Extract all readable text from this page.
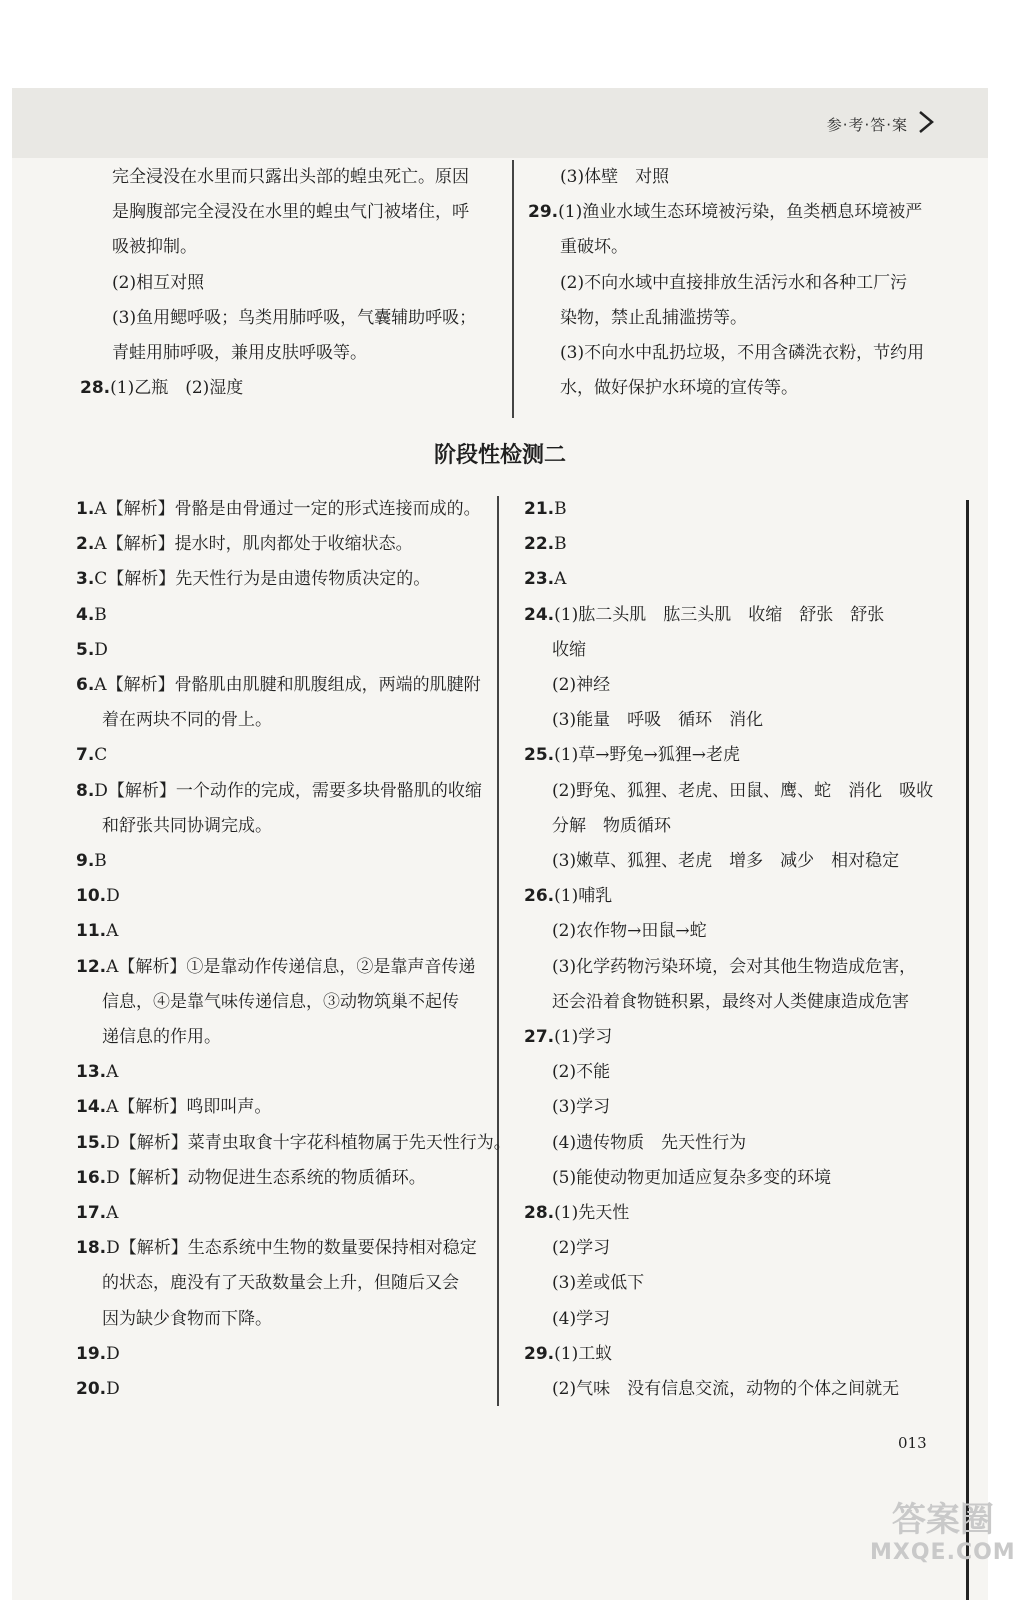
参·考·答·案
完全浸没在水里而只露出头部的蝗虫死亡。原因
是胸腹部完全浸没在水里的蝗虫气门被堵住，呼
吸被抑制。
(2)相互对照
(3)鱼用鳃呼吸；鸟类用肺呼吸，气囊辅助呼吸；
青蛙用肺呼吸，兼用皮肤呼吸等。
28.(1)乙瓶　(2)湿度
(3)体壁　对照
29.(1)渔业水域生态环境被污染，鱼类栖息环境被严
重破坏。
(2)不向水域中直接排放生活污水和各种工厂污
染物，禁止乱捕滥捞等。
(3)不向水中乱扔垃圾，不用含磷洗衣粉，节约用
水，做好保护水环境的宣传等。
阶段性检测二
1.A【解析】骨骼是由骨通过一定的形式连接而成的。
2.A【解析】提水时，肌肉都处于收缩状态。
3.C【解析】先天性行为是由遗传物质决定的。
4.B
5.D
6.A【解析】骨骼肌由肌腱和肌腹组成，两端的肌腱附
着在两块不同的骨上。
7.C
8.D【解析】一个动作的完成，需要多块骨骼肌的收缩
和舒张共同协调完成。
9.B
10.D
11.A
12.A【解析】①是靠动作传递信息，②是靠声音传递
信息，④是靠气味传递信息，③动物筑巢不起传
递信息的作用。
13.A
14.A【解析】鸣即叫声。
15.D【解析】菜青虫取食十字花科植物属于先天性行为。
16.D【解析】动物促进生态系统的物质循环。
17.A
18.D【解析】生态系统中生物的数量要保持相对稳定
的状态，鹿没有了天敌数量会上升，但随后又会
因为缺少食物而下降。
19.D
20.D
21.B
22.B
23.A
24.(1)肱二头肌　肱三头肌　收缩　舒张　舒张
收缩
(2)神经
(3)能量　呼吸　循环　消化
25.(1)草→野兔→狐狸→老虎
(2)野兔、狐狸、老虎、田鼠、鹰、蛇　消化　吸收
分解　物质循环
(3)嫩草、狐狸、老虎　增多　减少　相对稳定
26.(1)哺乳
(2)农作物→田鼠→蛇
(3)化学药物污染环境，会对其他生物造成危害，
还会沿着食物链积累，最终对人类健康造成危害
27.(1)学习
(2)不能
(3)学习
(4)遗传物质　先天性行为
(5)能使动物更加适应复杂多变的环境
28.(1)先天性
(2)学习
(3)差或低下
(4)学习
29.(1)工蚁
(2)气味　没有信息交流，动物的个体之间就无
013
答案圈
MXQE.COM
